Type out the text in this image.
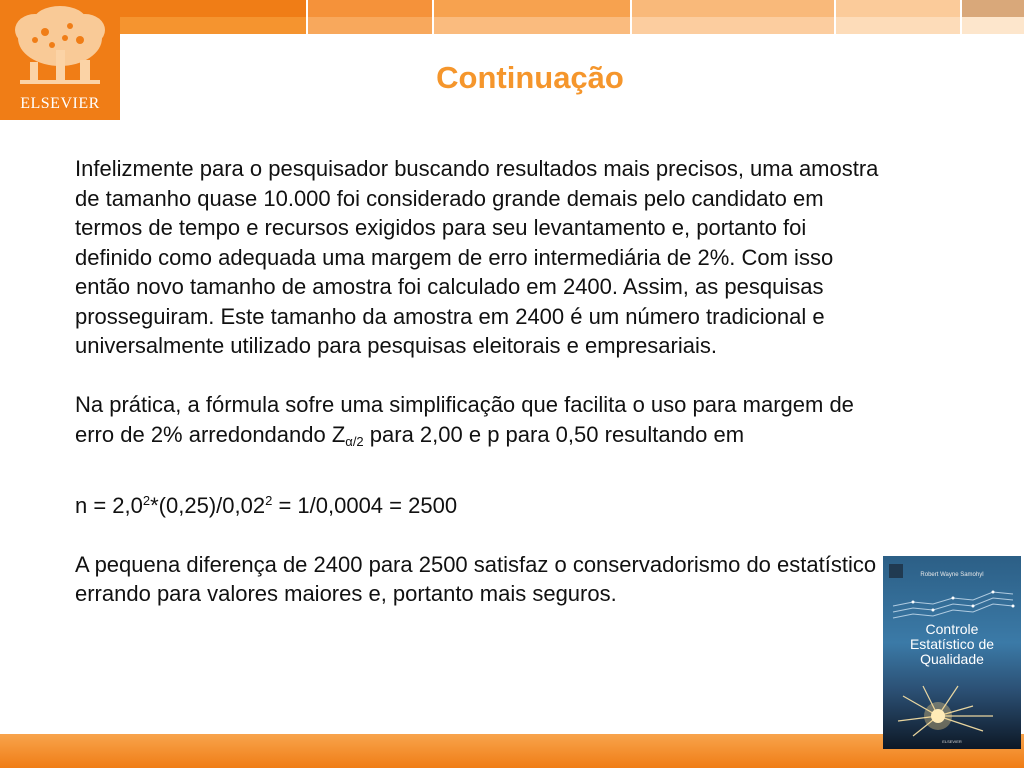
ELSEVIER
Continuação

Infelizmente para o pesquisador buscando resultados mais precisos, uma amostra de tamanho quase 10.000 foi considerado grande demais pelo candidato em termos de tempo e recursos exigidos para seu levantamento e, portanto foi definido como adequada uma margem de erro intermediária de 2%. Com isso então novo tamanho de amostra foi calculado em 2400. Assim, as pesquisas prosseguiram. Este tamanho da amostra em 2400 é um número tradicional e universalmente utilizado para pesquisas eleitorais e empresariais.

Na prática, a fórmula sofre uma simplificação que facilita o uso para margem de erro de 2% arredondando $Z_{\alpha/2}$ para 2,00 e p para 0,50 resultando em

$n = 2,0^2*(0,25)/0,02^2 = 1/0,0004 = 2500$

A pequena diferença de 2400 para 2500 satisfaz o conservadorismo do estatístico errando para valores maiores e, portanto mais seguros.

Robert Wayne Samohyl
Controle
Estatístico de
Qualidade
ELSEVIER
